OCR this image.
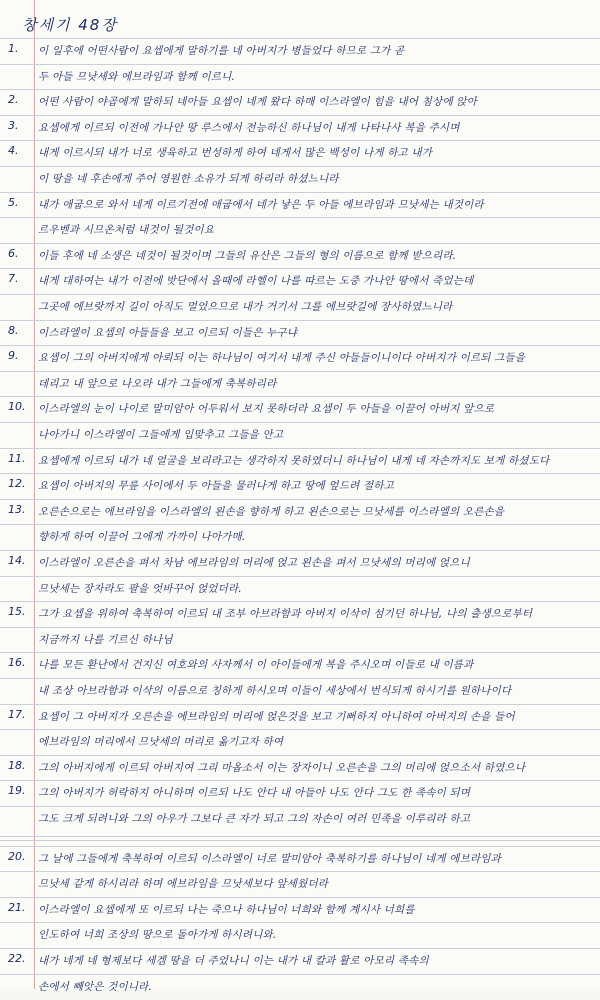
창세기 48장
1. 이 일후에 어떤사람이 요셉에게 말하기를 네 아버지가 병들었다 하므로 그가 곧
두 아들 므낫세와 에브라임과 함께 이르니.
2. 어떤 사람이 야곱에게 말하되 네아들 요셉이 네게 왔다 하매 이스라엘이 힘을 내어 침상에 앉아
3. 요셉에게 이르되 이전에 가나안 땅 루스에서 전능하신 하나님이 내게 나타나사 복을 주시며
4. 내게 이르시되 내가 너로 생육하고 번성하게 하여 네게서 많은 백성이 나게 하고 내가
이 땅을 네 후손에게 주어 영원한 소유가 되게 하리라 하셨느니라
5. 내가 애굽으로 와서 네게 이르기전에 애굽에서 네가 낳은 두 아들 에브라임과 므낫세는 내것이라
르우벤과 시므온처럼 내것이 될것이요
6. 이들 후에 네 소생은 네것이 될것이며 그들의 유산은 그들의 형의 이름으로 함께 받으리라.
7. 내게 대하여는 내가 이전에 밧단에서 올때에 라헬이 나를 따르는 도중 가나안 땅에서 죽었는데
그곳에 에브랏까지 길이 아직도 멀었으므로 내가 거기서 그를 에브랏길에 장사하였느니라
8. 이스라엘이 요셉의 아들들을 보고 이르되 이들은 누구냐
9. 요셉이 그의 아버지에게 아뢰되 이는 하나님이 여기서 내게 주신 아들들이니이다 아버지가 이르되 그들을
데리고 내 앞으로 나오라 내가 그들에게 축복하리라
10. 이스라엘의 눈이 나이로 말미암아 어두워서 보지 못하더라 요셉이 두 아들을 이끌어 아버지 앞으로
나아가니 이스라엘이 그들에게 입맞추고 그들을 안고
11. 요셉에게 이르되 내가 네 얼굴을 보리라고는 생각하지 못하였더니 하나님이 내게 네 자손까지도 보게 하셨도다
12. 요셉이 아버지의 무릎 사이에서 두 아들을 물러나게 하고 땅에 엎드려 절하고
13. 오른손으로는 에브라임을 이스라엘의 왼손을 향하게 하고 왼손으로는 므낫세를 이스라엘의 오른손을
향하게 하여 이끌어 그에게 가까이 나아가매.
14. 이스라엘이 오른손을 펴서 차남 에브라임의 머리에 얹고 왼손을 펴서 므낫세의 머리에 얹으니
므낫세는 장자라도 팔을 엇바꾸어 얹었더라.
15. 그가 요셉을 위하여 축복하여 이르되 내 조부 아브라함과 아버지 이삭이 섬기던 하나님, 나의 출생으로부터
지금까지 나를 기르신 하나님
16. 나를 모든 환난에서 건지신 여호와의 사자께서 이 아이들에게 복을 주시오며 이들로 내 이름과
내 조상 아브라함과 이삭의 이름으로 칭하게 하시오며 이들이 세상에서 번식되게 하시기를 원하나이다
17. 요셉이 그 아버지가 오른손을 에브라임의 머리에 얹은것을 보고 기뻐하지 아니하여 아버지의 손을 들어
에브라임의 머리에서 므낫세의 머리로 옮기고자 하여
18. 그의 아버지에게 이르되 아버지여 그리 마옵소서 이는 장자이니 오른손을 그의 머리에 얹으소서 하였으나
19. 그의 아버지가 허락하지 아니하며 이르되 나도 안다 내 아들아 나도 안다 그도 한 족속이 되며
그도 크게 되려니와 그의 아우가 그보다 큰 자가 되고 그의 자손이 여러 민족을 이루리라 하고
20. 그 날에 그들에게 축복하여 이르되 이스라엘이 너로 말미암아 축복하기를 하나님이 네게 에브라임과
므낫세 같게 하시리라 하며 에브라임을 므낫세보다 앞세웠더라
21. 이스라엘이 요셉에게 또 이르되 나는 죽으나 하나님이 너희와 함께 계시사 너희를
인도하여 너희 조상의 땅으로 돌아가게 하시려니와.
22. 내가 네게 네 형제보다 세겜 땅을 더 주었나니 이는 내가 내 칼과 활로 아모리 족속의
손에서 빼앗은 것이니라.
